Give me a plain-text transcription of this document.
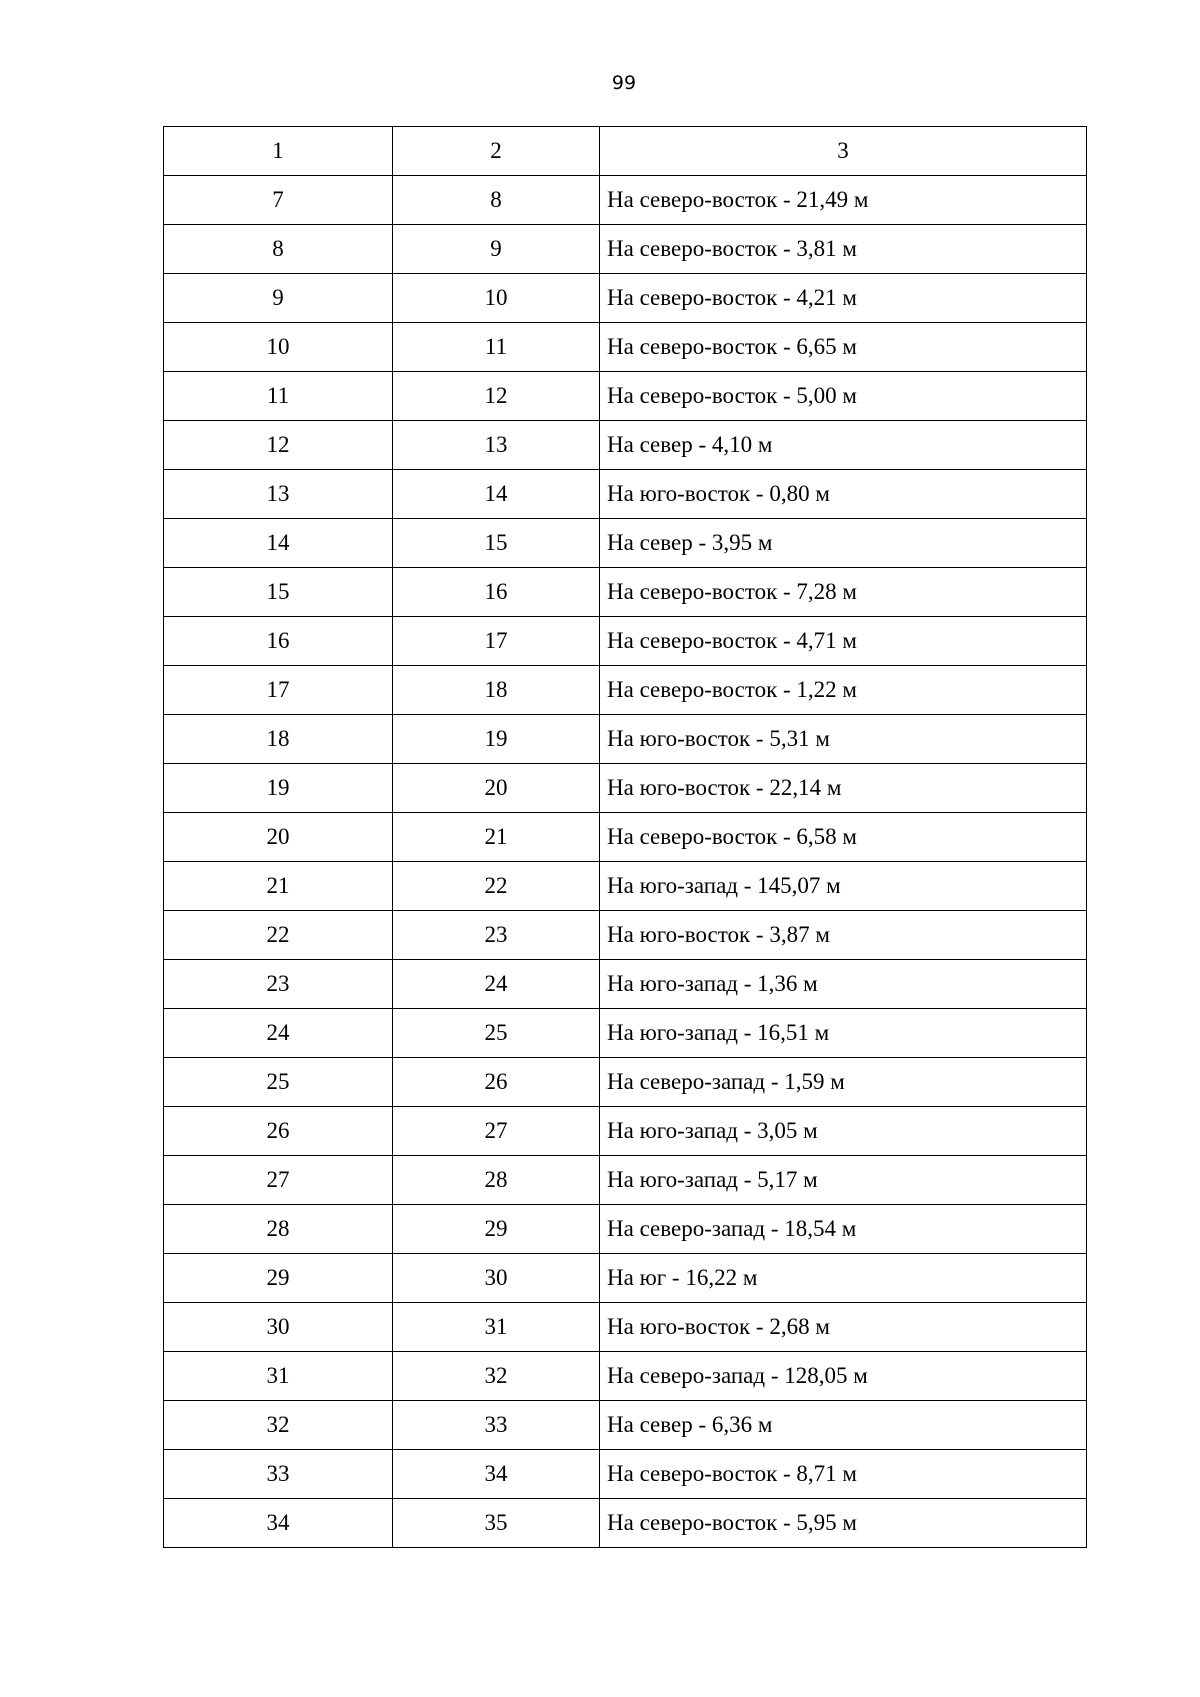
99
1	2	3
7	8	На северо-восток - 21,49 м
8	9	На северо-восток - 3,81 м
9	10	На северо-восток - 4,21 м
10	11	На северо-восток - 6,65 м
11	12	На северо-восток - 5,00 м
12	13	На север - 4,10 м
13	14	На юго-восток - 0,80 м
14	15	На север - 3,95 м
15	16	На северо-восток - 7,28 м
16	17	На северо-восток - 4,71 м
17	18	На северо-восток - 1,22 м
18	19	На юго-восток - 5,31 м
19	20	На юго-восток - 22,14 м
20	21	На северо-восток - 6,58 м
21	22	На юго-запад - 145,07 м
22	23	На юго-восток - 3,87 м
23	24	На юго-запад - 1,36 м
24	25	На юго-запад - 16,51 м
25	26	На северо-запад - 1,59 м
26	27	На юго-запад - 3,05 м
27	28	На юго-запад - 5,17 м
28	29	На северо-запад - 18,54 м
29	30	На юг - 16,22 м
30	31	На юго-восток - 2,68 м
31	32	На северо-запад - 128,05 м
32	33	На север - 6,36 м
33	34	На северо-восток - 8,71 м
34	35	На северо-восток - 5,95 м
